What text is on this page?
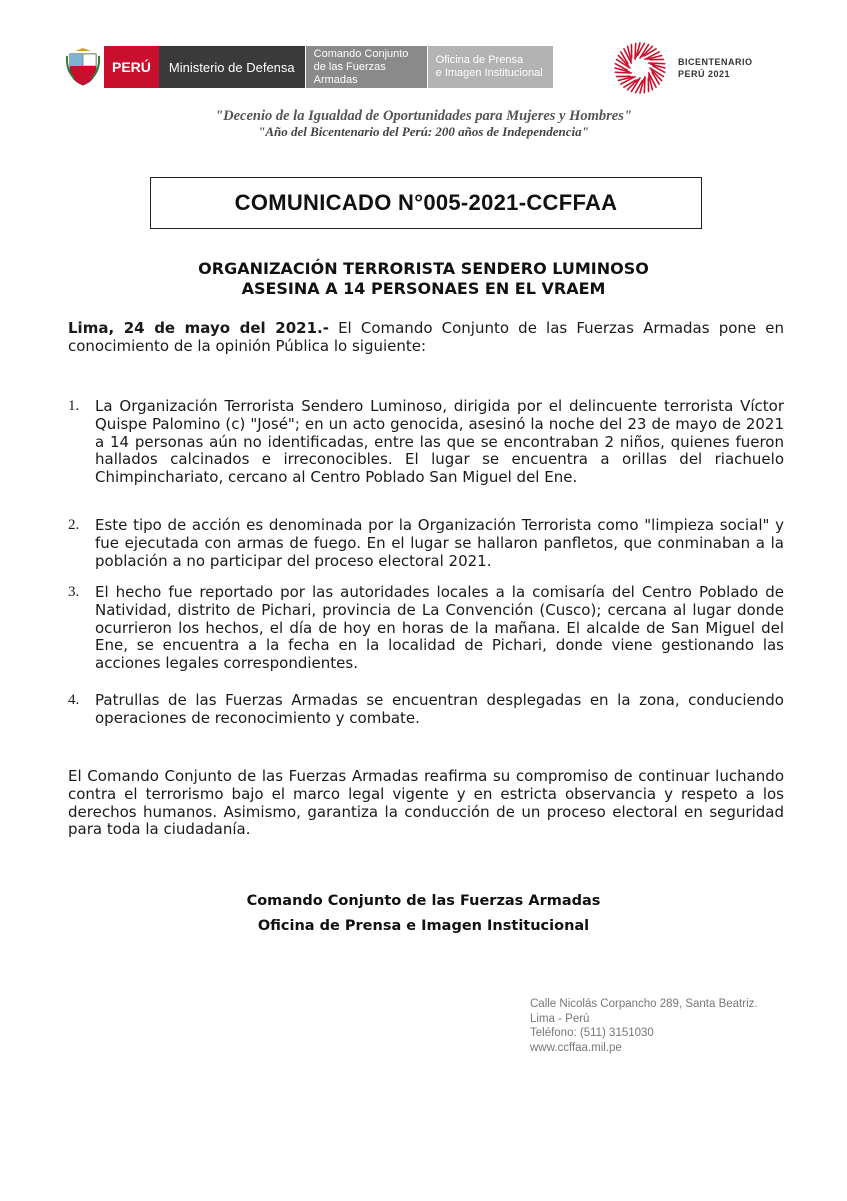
PERÚ	Ministerio de Defensa
Comando Conjunto
de las Fuerzas Armadas
Oficina de Prensa
e Imagen Institucional
BICENTENARIO
PERÚ 2021
"Decenio de la Igualdad de Oportunidades para Mujeres y Hombres"
"Año del Bicentenario del Perú: 200 años de Independencia"
COMUNICADO N°005-2021-CCFFAA
ORGANIZACIÓN TERRORISTA SENDERO LUMINOSO
ASESINA A 14 PERSONAES EN EL VRAEM
Lima, 24 de mayo del 2021.- El Comando Conjunto de las Fuerzas Armadas pone en conocimiento de la opinión Pública lo siguiente:
1. La Organización Terrorista Sendero Luminoso, dirigida por el delincuente terrorista Víctor Quispe Palomino (c) "José"; en un acto genocida, asesinó la noche del 23 de mayo de 2021 a 14 personas aún no identificadas, entre las que se encontraban 2 niños, quienes fueron hallados calcinados e irreconocibles. El lugar se encuentra a orillas del riachuelo Chimpinchariato, cercano al Centro Poblado San Miguel del Ene.
2. Este tipo de acción es denominada por la Organización Terrorista como "limpieza social" y fue ejecutada con armas de fuego. En el lugar se hallaron panfletos, que conminaban a la población a no participar del proceso electoral 2021.
3. El hecho fue reportado por las autoridades locales a la comisaría del Centro Poblado de Natividad, distrito de Pichari, provincia de La Convención (Cusco); cercana al lugar donde ocurrieron los hechos, el día de hoy en horas de la mañana. El alcalde de San Miguel del Ene, se encuentra a la fecha en la localidad de Pichari, donde viene gestionando las acciones legales correspondientes.
4. Patrullas de las Fuerzas Armadas se encuentran desplegadas en la zona, conduciendo operaciones de reconocimiento y combate.
El Comando Conjunto de las Fuerzas Armadas reafirma su compromiso de continuar luchando contra el terrorismo bajo el marco legal vigente y en estricta observancia y respeto a los derechos humanos. Asimismo, garantiza la conducción de un proceso electoral en seguridad para toda la ciudadanía.
Comando Conjunto de las Fuerzas Armadas
Oficina de Prensa e Imagen Institucional
Calle Nicolás Corpancho 289, Santa Beatriz.
Lima - Perú
Teléfono: (511) 3151030
www.ccffaa.mil.pe
